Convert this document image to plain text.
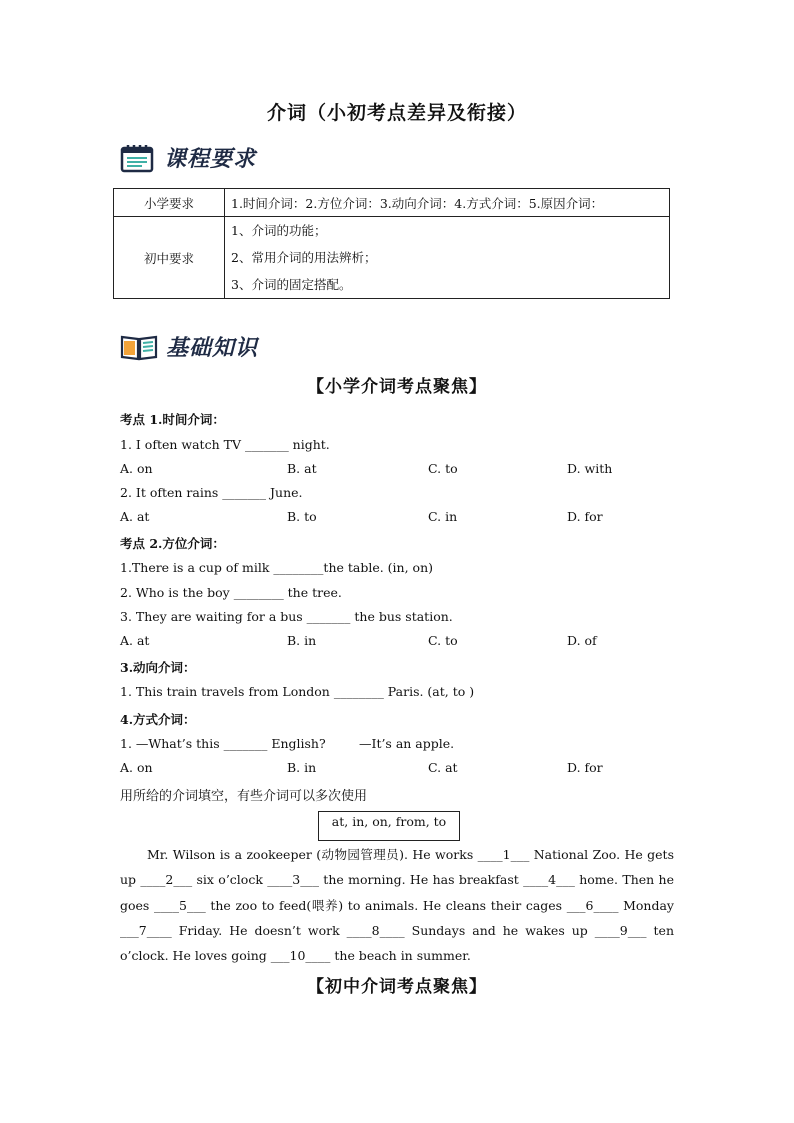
介词（小初考点差异及衔接）
课程要求
小学要求	1.时间介词：2.方位介词：3.动向介词：4.方式介词：5.原因介词：
初中要求	1、介词的功能；
2、常用介词的用法辨析；
3、介词的固定搭配。
基础知识
【小学介词考点聚焦】
考点 1.时间介词：
1. I often watch TV _______ night.
A. on	B. at	C. to	D. with
2. It often rains _______ June.
A. at	B. to	C. in	D. for
考点 2.方位介词：
1.There is a cup of milk ________the table. (in, on)
2. Who is the boy ________ the tree.
3. They are waiting for a bus _______ the bus station.
A. at	B. in	C. to	D. of
3.动向介词：
1. This train travels from London ________ Paris. (at, to )
4.方式介词：
1. —What’s this _______ English?	—It’s an apple.
A. on	B. in	C. at	D. for
用所给的介词填空，有些介词可以多次使用
at, in, on, from, to
Mr. Wilson is a zookeeper (动物园管理员). He works ____1___ National Zoo. He gets up ____2___ six o’clock ____3___ the morning. He has breakfast ____4___ home. Then he goes ____5___ the zoo to feed(喂养) to animals. He cleans their cages ___6____ Monday ___7____ Friday. He doesn’t work ____8____ Sundays and he wakes up ____9___ ten o’clock. He loves going ___10____ the beach in summer.
【初中介词考点聚焦】
